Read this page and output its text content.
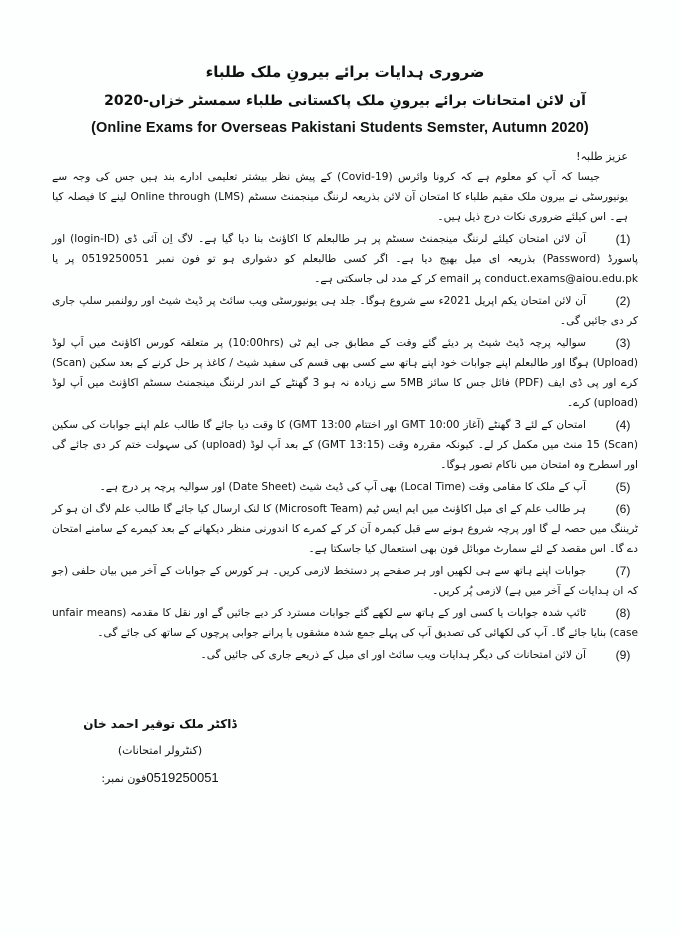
ضروری ہدایات برائے بیرونِ ملک طلباء
آن لائن امتحانات برائے بیرونِ ملک پاکستانی طلباء سمسٹر خزاں-2020
(Online Exams for Overseas Pakistani Students Semster, Autumn 2020)
عزیز طلبہ!
جیسا کہ آپ کو معلوم ہے کہ کرونا وائرس (Covid-19) کے پیش نظر بیشتر تعلیمی ادارے بند ہیں جس کی وجہ سے یونیورسٹی نے بیرون ملک مقیم طلباء کا امتحان آن لائن بذریعہ لرننگ مینجمنٹ سسٹم (LMS) Online through لینے کا فیصلہ کیا ہے۔ اس کیلئے ضروری نکات درج ذیل ہیں۔
(1)
آن لائن امتحان کیلئے لرننگ مینجمنٹ سسٹم پر ہر طالبعلم کا اکاؤنٹ بنا دیا گیا ہے۔ لاگ اِن آئی ڈی (login-ID) اور پاسورڈ (Password) بذریعہ ای میل بھیج دیا ہے۔ اگر کسی طالبعلم کو دشواری ہو تو فون نمبر 0519250051 پر یا conduct.exams@aiou.edu.pk پر email کر کے مدد لی جاسکتی ہے۔
(2)
آن لائن امتحان یکم اپریل 2021ء سے شروع ہوگا۔ جلد ہی یونیورسٹی ویب سائٹ پر ڈیٹ شیٹ اور رولنمبر سلپ جاری کر دی جائیں گی۔
(3)
سوالیہ پرچہ ڈیٹ شیٹ پر دیئے گئے وقت کے مطابق جی ایم ٹی (10:00hrs) پر متعلقہ کورس اکاؤنٹ میں اَپ لوڈ (Upload) ہوگا اور طالبعلم اپنے جوابات خود اپنے ہاتھ سے کسی بھی قسم کی سفید شیٹ / کاغذ پر حل کرنے کے بعد سکین (Scan) کرے اور پی ڈی ایف (PDF) فائل جس کا سائز 5MB سے زیادہ نہ ہو 3 گھنٹے کے اندر لرننگ مینجمنٹ سسٹم اکاؤنٹ میں اَپ لوڈ (upload) کرے۔
(4)
امتحان کے لئے 3 گھنٹے (آغاز 10:00 GMT اور اختتام 13:00 GMT) کا وقت دیا جائے گا طالب علم اپنے جوابات کی سکین (Scan) 15 منٹ میں مکمل کر لے۔ کیونکہ مقررہ وقت (13:15 GMT) کے بعد اَپ لوڈ (upload) کی سہولت ختم کر دی جائے گی اور اسطرح وہ امتحان میں ناکام تصور ہوگا۔
(5)
آپ کے ملک کا مقامی وقت (Local Time) بھی آپ کی ڈیٹ شیٹ (Date Sheet) اور سوالیہ پرچہ پر درج ہے۔
(6)
ہر طالب علم کے ای میل اکاؤنٹ میں ایم ایس ٹیم (Microsoft Team) کا لنک ارسال کیا جائے گا طالب علم لاگ ان ہو کر ٹریننگ میں حصہ لے گا اور پرچہ شروع ہونے سے قبل کیمرہ آن کر کے کمرے کا اندورنی منظر دیکھانے کے بعد کیمرے کے سامنے امتحان دے گا۔ اس مقصد کے لئے سمارٹ موبائل فون بھی استعمال کیا جاسکتا ہے۔
(7)
جوابات اپنے ہاتھ سے ہی لکھیں اور ہر صفحے پر دستخط لازمی کریں۔ ہر کورس کے جوابات کے آخر میں بیان حلفی (جو کہ ان ہدایات کے آخر میں ہے) لازمی پُر کریں۔
(8)
ٹائپ شدہ جوابات یا کسی اور کے ہاتھ سے لکھے گئے جوابات مسترد کر دیے جائیں گے اور نقل کا مقدمہ (unfair means case) بنایا جائے گا۔ آپ کی لکھائی کی تصدیق آپ کی پہلے جمع شدہ مشقوں یا پرانے جوابی پرچوں کے ساتھ کی جائے گی۔
(9)
آن لائن امتحانات کی دیگر ہدایات ویب سائٹ اور ای میل کے ذریعے جاری کی جائیں گی۔
ڈاکٹر ملک توقیر احمد خان
(کنٹرولر امتحانات)
0519250051فون نمبر:
